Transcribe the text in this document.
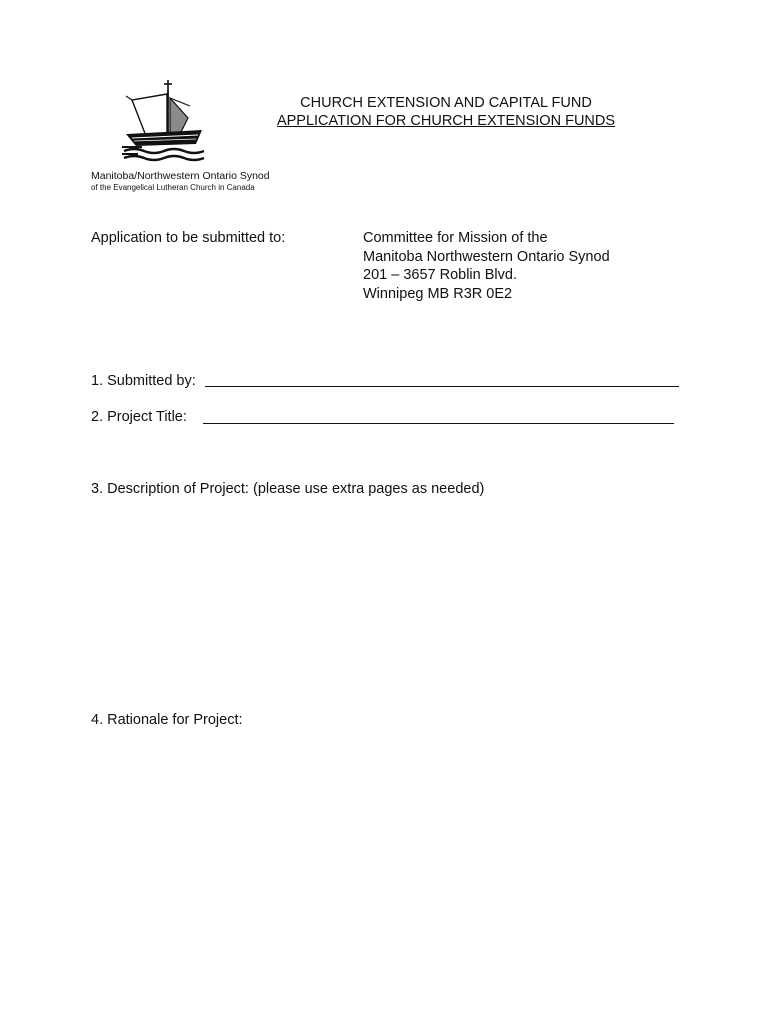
Manitoba/Northwestern Ontario Synod
of the Evangelical Lutheran Church in Canada
CHURCH EXTENSION AND CAPITAL FUND
APPLICATION FOR CHURCH EXTENSION FUNDS
Application to be submitted to:	Committee for Mission of the
Manitoba Northwestern Ontario Synod
201 – 3657 Roblin Blvd.
Winnipeg MB R3R 0E2
1. Submitted by:
2. Project Title:
3. Description of Project: (please use extra pages as needed)
4. Rationale for Project:
